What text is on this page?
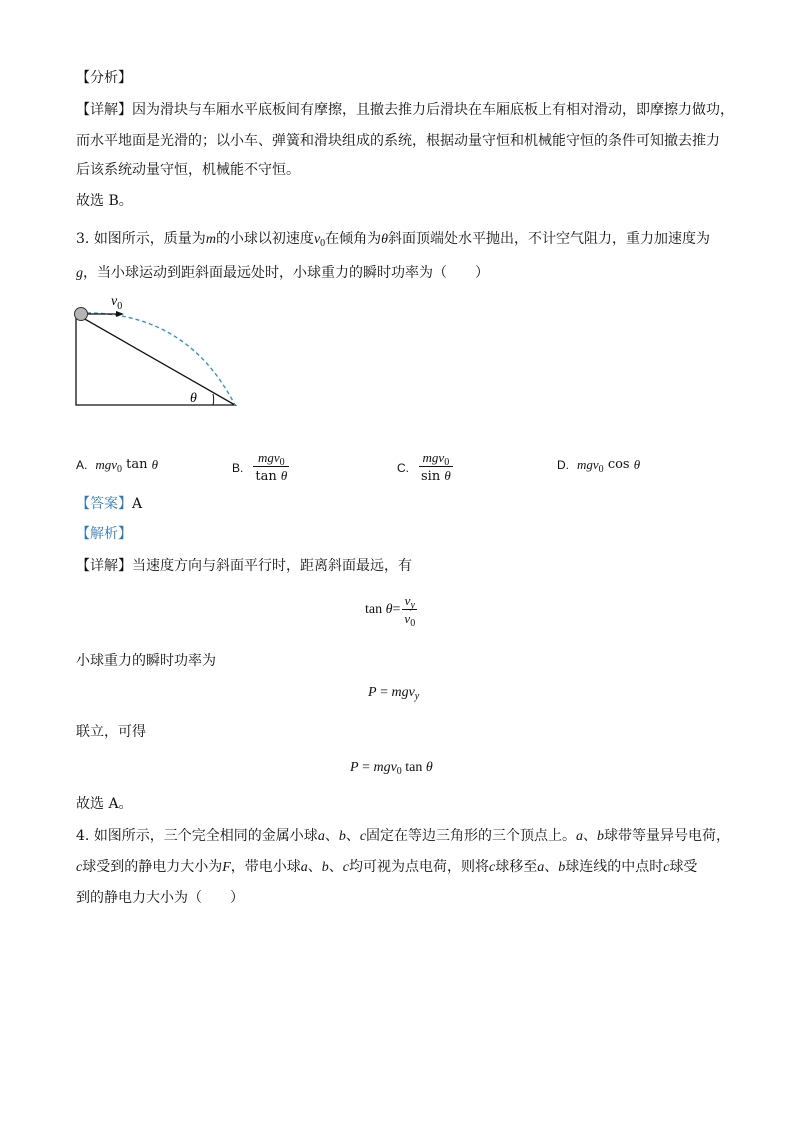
【分析】
【详解】因为滑块与车厢水平底板间有摩擦，且撤去推力后滑块在车厢底板上有相对滑动，即摩擦力做功，
而水平地面是光滑的；以小车、弹簧和滑块组成的系统，根据动量守恒和机械能守恒的条件可知撤去推力
后该系统动量守恒，机械能不守恒。
故选 B。
3. 如图所示，质量为m的小球以初速度$v_0$在倾角为θ斜面顶端处水平抛出，不计空气阻力，重力加速度为
g，当小球运动到距斜面最远处时，小球重力的瞬时功率为（　　）
$v_0$
θ
A. mgv$_0$
tan
θ	B. $\frac{mgv_0}{\text{tan θ}}$	C. $\frac{mgv_0}{\text{sin θ}}$	D. mgv$_0$
cos
θ
【答案】A
【解析】
【详解】当速度方向与斜面平行时，距离斜面最远，有
tan
$\theta = \frac{v_y}{v_0}$
小球重力的瞬时功率为
P = mgv$_y$
联立，可得
P = mgv$_0$ tan θ
故选 A。
4. 如图所示，三个完全相同的金属小球a、b、c固定在等边三角形的三个顶点上。a、b球带等量异号电荷，
c球受到的静电力大小为F，带电小球a、b、c均可视为点电荷，则将c球移至a、b球连线的中点时c球受
到的静电力大小为（　　）
